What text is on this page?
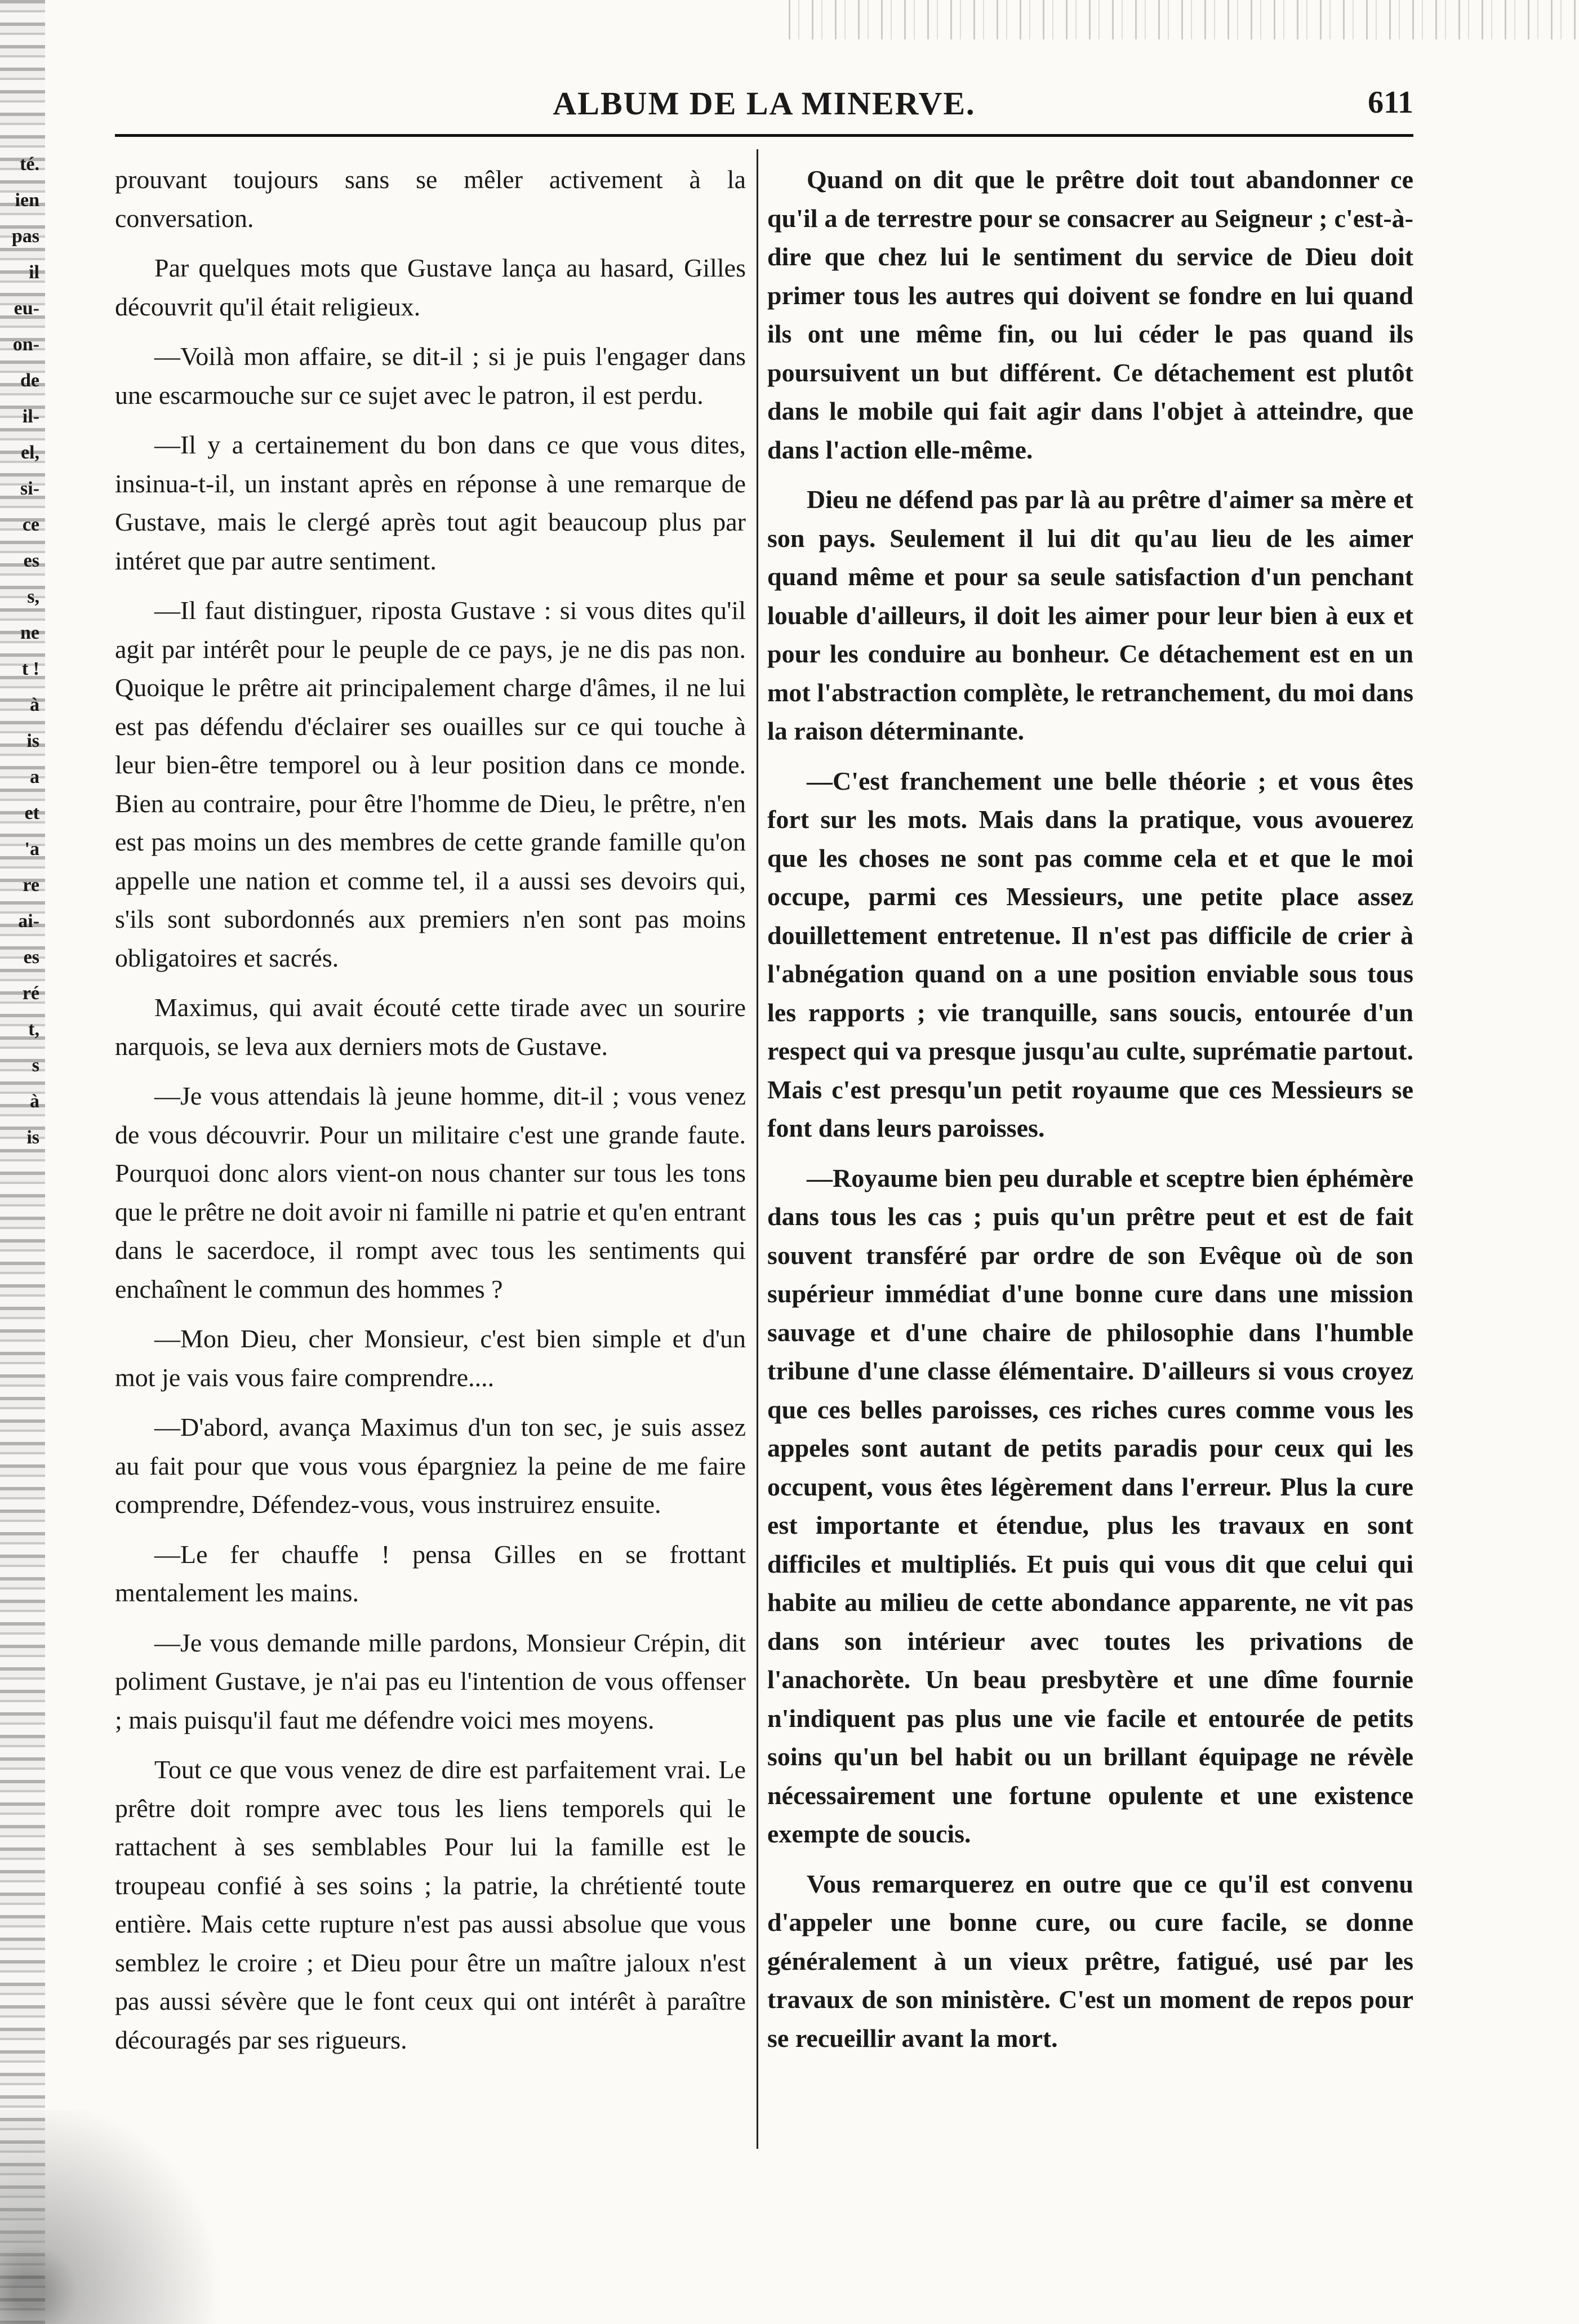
té.
ien
pas
il
eu-
on-
de
il-
el,
si-
ce
es
s,
ne
t !
à
is
a
et
'a
re
ai-
es
ré
t,
s
à
is
ALBUM DE LA MINERVE.	611

prouvant toujours sans se mêler activement à la conversation.

Par quelques mots que Gustave lança au hasard, Gilles découvrit qu'il était religieux.

—Voilà mon affaire, se dit-il ; si je puis l'engager dans une escarmouche sur ce sujet avec le patron, il est perdu.

—Il y a certainement du bon dans ce que vous dites, insinua-t-il, un instant après en réponse à une remarque de Gustave, mais le clergé après tout agit beaucoup plus par intéret que par autre sentiment.

—Il faut distinguer, riposta Gustave : si vous dites qu'il agit par intérêt pour le peuple de ce pays, je ne dis pas non. Quoique le prêtre ait principalement charge d'âmes, il ne lui est pas défendu d'éclairer ses ouailles sur ce qui touche à leur bien-être temporel ou à leur position dans ce monde. Bien au contraire, pour être l'homme de Dieu, le prêtre, n'en est pas moins un des membres de cette grande famille qu'on appelle une nation et comme tel, il a aussi ses devoirs qui, s'ils sont subordonnés aux premiers n'en sont pas moins obligatoires et sacrés.

Maximus, qui avait écouté cette tirade avec un sourire narquois, se leva aux derniers mots de Gustave.

—Je vous attendais là jeune homme, dit-il ; vous venez de vous découvrir. Pour un militaire c'est une grande faute. Pourquoi donc alors vient-on nous chanter sur tous les tons que le prêtre ne doit avoir ni famille ni patrie et qu'en entrant dans le sacerdoce, il rompt avec tous les sentiments qui enchaînent le commun des hommes ?

—Mon Dieu, cher Monsieur, c'est bien simple et d'un mot je vais vous faire comprendre....

—D'abord, avança Maximus d'un ton sec, je suis assez au fait pour que vous vous épargniez la peine de me faire comprendre, Défendez-vous, vous instruirez ensuite.

—Le fer chauffe ! pensa Gilles en se frottant mentalement les mains.

—Je vous demande mille pardons, Monsieur Crépin, dit poliment Gustave, je n'ai pas eu l'intention de vous offenser ; mais puisqu'il faut me défendre voici mes moyens.

Tout ce que vous venez de dire est parfaitement vrai. Le prêtre doit rompre avec tous les liens temporels qui le rattachent à ses semblables Pour lui la famille est le troupeau confié à ses soins ; la patrie, la chrétienté toute entière. Mais cette rupture n'est pas aussi absolue que vous semblez le croire ; et Dieu pour être un maître jaloux n'est pas aussi sévère que le font ceux qui ont intérêt à paraître découragés par ses rigueurs.

Quand on dit que le prêtre doit tout abandonner ce qu'il a de terrestre pour se consacrer au Seigneur ; c'est-à-dire que chez lui le sentiment du service de Dieu doit primer tous les autres qui doivent se fondre en lui quand ils ont une même fin, ou lui céder le pas quand ils poursuivent un but différent. Ce détachement est plutôt dans le mobile qui fait agir dans l'objet à atteindre, que dans l'action elle-même.

Dieu ne défend pas par là au prêtre d'aimer sa mère et son pays. Seulement il lui dit qu'au lieu de les aimer quand même et pour sa seule satisfaction d'un penchant louable d'ailleurs, il doit les aimer pour leur bien à eux et pour les conduire au bonheur. Ce détachement est en un mot l'abstraction complète, le retranchement, du moi dans la raison déterminante.

—C'est franchement une belle théorie ; et vous êtes fort sur les mots. Mais dans la pratique, vous avouerez que les choses ne sont pas comme cela et et que le moi occupe, parmi ces Messieurs, une petite place assez douillettement entretenue. Il n'est pas difficile de crier à l'abnégation quand on a une position enviable sous tous les rapports ; vie tranquille, sans soucis, entourée d'un respect qui va presque jusqu'au culte, suprématie partout. Mais c'est presqu'un petit royaume que ces Messieurs se font dans leurs paroisses.

—Royaume bien peu durable et sceptre bien éphémère dans tous les cas ; puis qu'un prêtre peut et est de fait souvent transféré par ordre de son Evêque où de son supérieur immédiat d'une bonne cure dans une mission sauvage et d'une chaire de philosophie dans l'humble tribune d'une classe élémentaire. D'ailleurs si vous croyez que ces belles paroisses, ces riches cures comme vous les appeles sont autant de petits paradis pour ceux qui les occupent, vous êtes légèrement dans l'erreur. Plus la cure est importante et étendue, plus les travaux en sont difficiles et multipliés. Et puis qui vous dit que celui qui habite au milieu de cette abondance apparente, ne vit pas dans son intérieur avec toutes les privations de l'anachorète. Un beau presbytère et une dîme fournie n'indiquent pas plus une vie facile et entourée de petits soins qu'un bel habit ou un brillant équipage ne révèle nécessairement une fortune opulente et une existence exempte de soucis.

Vous remarquerez en outre que ce qu'il est convenu d'appeler une bonne cure, ou cure facile, se donne généralement à un vieux prêtre, fatigué, usé par les travaux de son ministère. C'est un moment de repos pour se recueillir avant la mort.
